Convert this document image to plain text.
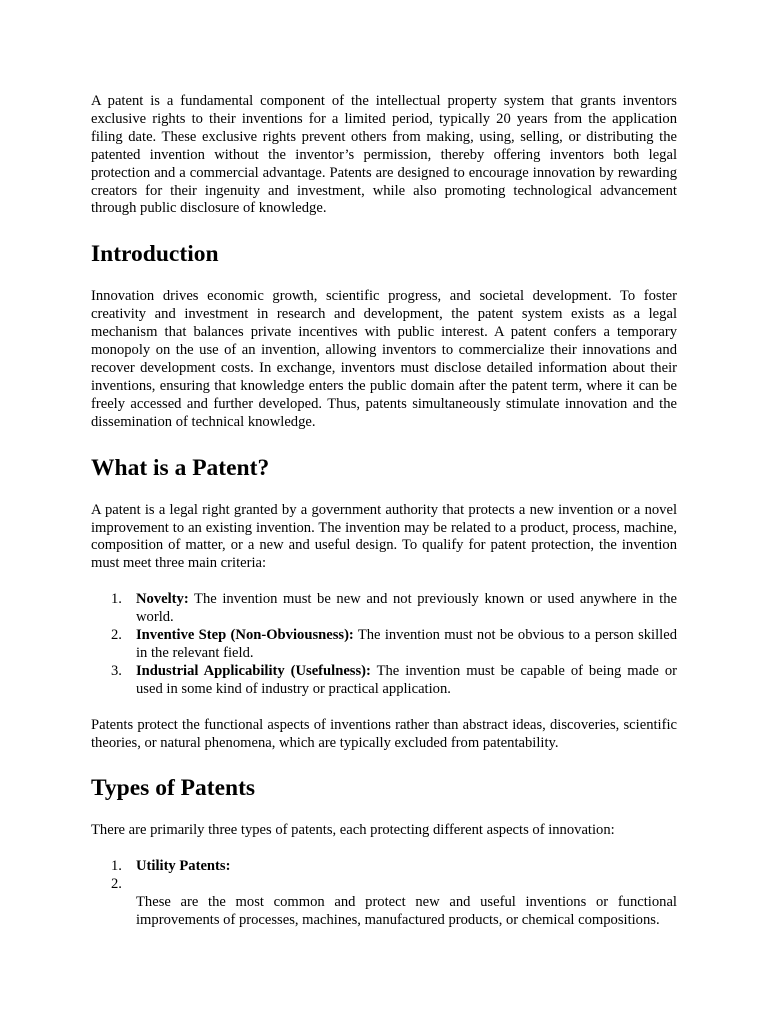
A patent is a fundamental component of the intellectual property system that grants inventors exclusive rights to their inventions for a limited period, typically 20 years from the application filing date. These exclusive rights prevent others from making, using, selling, or distributing the patented invention without the inventor’s permission, thereby offering inventors both legal protection and a commercial advantage. Patents are designed to encourage innovation by rewarding creators for their ingenuity and investment, while also promoting technological advancement through public disclosure of knowledge.

Introduction

Innovation drives economic growth, scientific progress, and societal development. To foster creativity and investment in research and development, the patent system exists as a legal mechanism that balances private incentives with public interest. A patent confers a temporary monopoly on the use of an invention, allowing inventors to commercialize their innovations and recover development costs. In exchange, inventors must disclose detailed information about their inventions, ensuring that knowledge enters the public domain after the patent term, where it can be freely accessed and further developed. Thus, patents simultaneously stimulate innovation and the dissemination of technical knowledge.

What is a Patent?

A patent is a legal right granted by a government authority that protects a new invention or a novel improvement to an existing invention. The invention may be related to a product, process, machine, composition of matter, or a new and useful design. To qualify for patent protection, the invention must meet three main criteria:

1. Novelty: The invention must be new and not previously known or used anywhere in the world.
2. Inventive Step (Non-Obviousness): The invention must not be obvious to a person skilled in the relevant field.
3. Industrial Applicability (Usefulness): The invention must be capable of being made or used in some kind of industry or practical application.

Patents protect the functional aspects of inventions rather than abstract ideas, discoveries, scientific theories, or natural phenomena, which are typically excluded from patentability.

Types of Patents

There are primarily three types of patents, each protecting different aspects of innovation:

1. Utility Patents:
2.
These are the most common and protect new and useful inventions or functional improvements of processes, machines, manufactured products, or chemical compositions.
